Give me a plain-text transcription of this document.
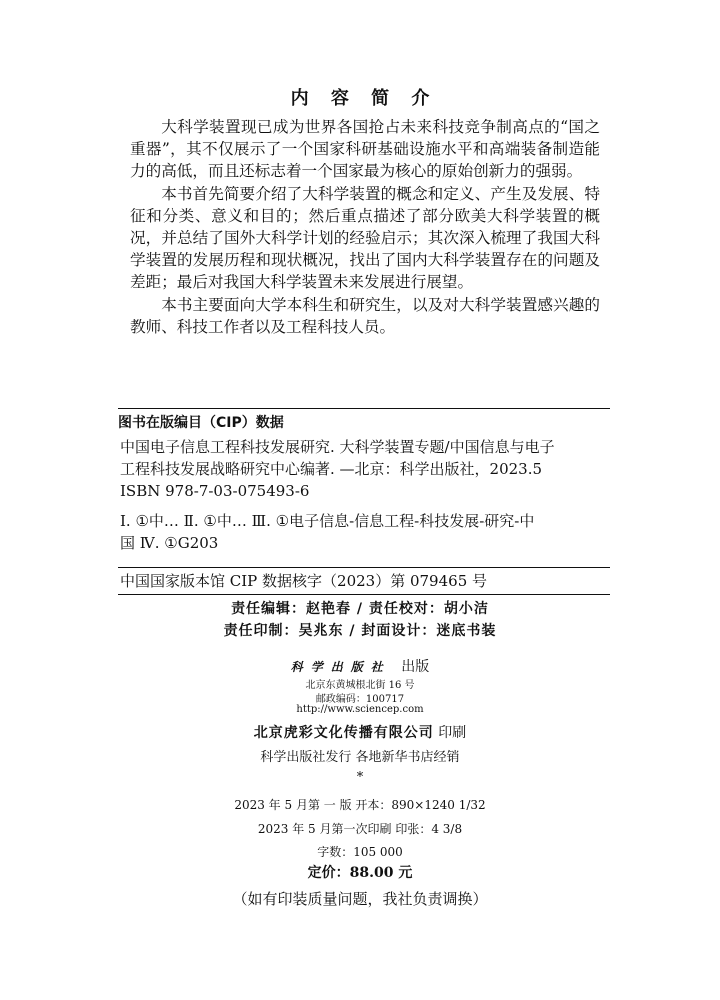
内 容 简 介

大科学装置现已成为世界各国抢占未来科技竞争制高点的“国之重器”，其不仅展示了一个国家科研基础设施水平和高端装备制造能力的高低，而且还标志着一个国家最为核心的原始创新力的强弱。

本书首先简要介绍了大科学装置的概念和定义、产生及发展、特征和分类、意义和目的；然后重点描述了部分欧美大科学装置的概况，并总结了国外大科学计划的经验启示；其次深入梳理了我国大科学装置的发展历程和现状概况，找出了国内大科学装置存在的问题及差距；最后对我国大科学装置未来发展进行展望。

本书主要面向大学本科生和研究生，以及对大科学装置感兴趣的教师、科技工作者以及工程科技人员。

图书在版编目（CIP）数据
中国电子信息工程科技发展研究. 大科学装置专题/中国信息与电子
工程科技发展战略研究中心编著. —北京：科学出版社，2023.5
ISBN 978-7-03-075493-6
Ⅰ. ①中… Ⅱ. ①中… Ⅲ. ①电子信息-信息工程-科技发展-研究-中
国 Ⅳ. ①G203
中国国家版本馆 CIP 数据核字（2023）第 079465 号
责任编辑：赵艳春 / 责任校对：胡小洁
责任印制：吴兆东 / 封面设计：迷底书装
科学出版社 出版
北京东黄城根北街 16 号
邮政编码：100717
http://www.sciencep.com
北京虎彩文化传播有限公司 印刷
科学出版社发行 各地新华书店经销
*
2023 年 5 月第 一 版 开本：890×1240 1/32
2023 年 5 月第一次印刷 印张：4 3/8
字数：105 000
定价：88.00 元
（如有印装质量问题，我社负责调换）
